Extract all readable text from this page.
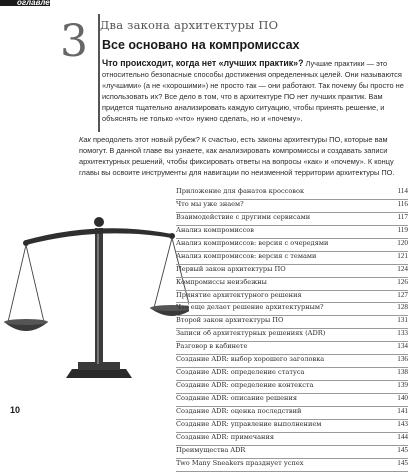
оглавление
3 Два закона архитектуры ПО
Все основано на компромиссах
Что происходит, когда нет «лучших практик»? Лучшие практики — это относительно безопасные способы достижения определенных целей. Они называются «лучшими» (а не «хорошими») не просто так — они работают. Так почему бы просто не использовать их? Все дело в том, что в архитектуре ПО нет лучших практик. Вам придется тщательно анализировать каждую ситуацию, чтобы принять решение, и объяснять не только «что» нужно сделать, но и «почему».
Как преодолеть этот новый рубеж? К счастью, есть законы архитектуры ПО, которые вам помогут. В данной главе вы узнаете, как анализировать компромиссы и создавать записи архитектурных решений, чтобы фиксировать ответы на вопросы «как» и «почему». К концу главы вы освоите инструменты для навигации по неизменной территории архитектуры ПО.
Приложение для фанатов кроссовок	114
Что мы уже знаем?	116
Взаимодействие с другими сервисами	117
Анализ компромиссов	119
Анализ компромиссов: версия с очередями	120
Анализ компромиссов: версия с темами	121
Первый закон архитектуры ПО	124
Компромиссы неизбежны	126
Принятие архитектурного решения	127
Что еще делает решение архитектурным?	128
Второй закон архитектуры ПО	131
Записи об архитектурных решениях (ADR)	133
Разговор в кабинете	134
Создание ADR: выбор хорошего заголовка	136
Создание ADR: определение статуса	138
Создание ADR: определение контекста	139
Создание ADR: описание решения	140
Создание ADR: оценка последствий	141
Создание ADR: управление выполнением	143
Создание ADR: примечания	144
Преимущества ADR	145
Two Many Sneakers празднует успех	145
10
